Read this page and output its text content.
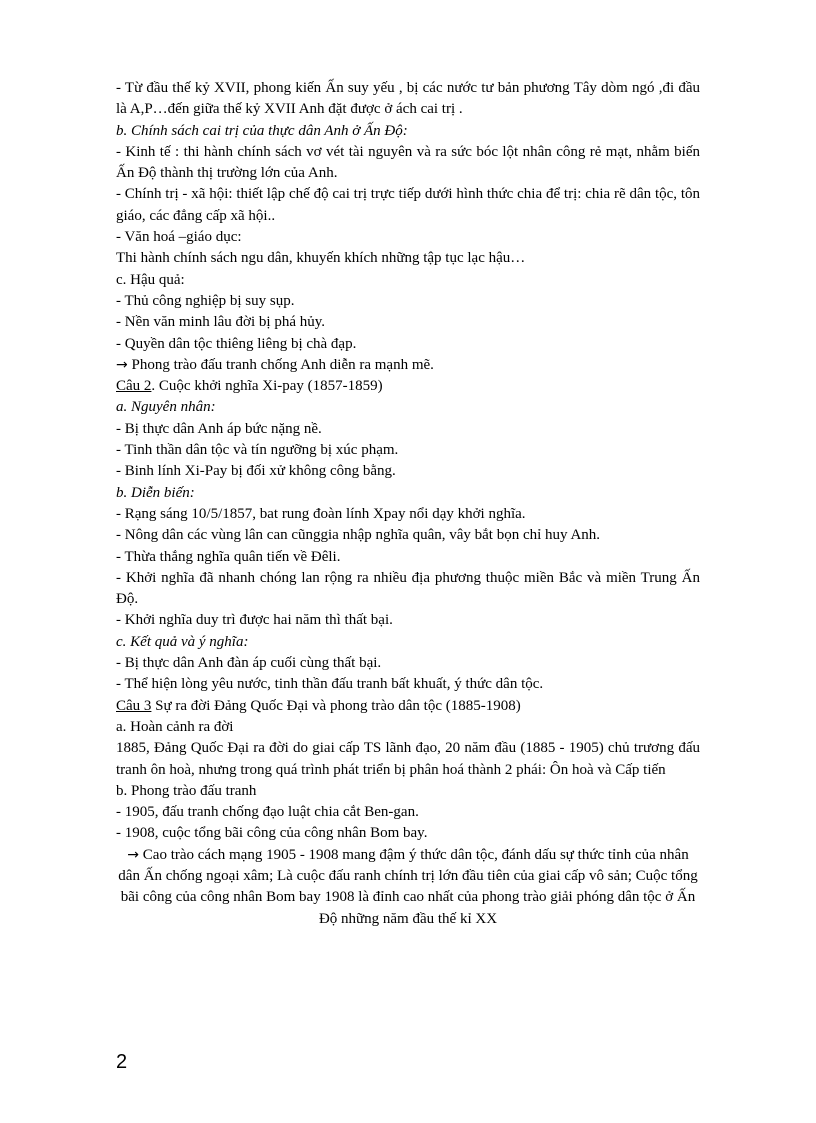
- Từ đầu thế kỷ XVII, phong kiến Ấn suy yếu , bị các nước tư bản phương Tây dòm ngó ,đi đầu là A,P…đến giữa thế kỷ XVII Anh đặt được ở ách cai trị .

b. Chính sách cai trị của thực dân Anh ở Ấn Độ:

- Kinh tế : thi hành chính sách vơ vét tài nguyên và ra sức bóc lột nhân công rẻ mạt, nhằm biến Ấn Độ thành thị trường lớn của Anh.

- Chính trị - xã hội: thiết lập chế độ cai trị trực tiếp dưới hình thức chia để trị: chia rẽ dân tộc, tôn giáo, các đẳng cấp xã hội..

- Văn hoá –giáo dục:

Thi hành chính sách ngu dân, khuyến khích những tập tục lạc hậu…

c. Hậu quả:

- Thủ công nghiệp bị suy sụp.

- Nền văn minh lâu đời bị phá hủy.

- Quyền dân tộc thiêng liêng bị chà đạp.

→ Phong trào đấu tranh chống Anh diễn ra mạnh mẽ.

Câu 2. Cuộc khởi nghĩa Xi-pay (1857-1859)

a. Nguyên nhân:

- Bị thực dân Anh áp bức nặng nề.

- Tinh thần dân tộc và tín ngưỡng bị xúc phạm.

- Binh lính Xi-Pay bị đối xử không công bằng.

b. Diễn biến:

- Rạng sáng 10/5/1857, bat rung đoàn lính Xpay nổi dạy khởi nghĩa.

- Nông dân các vùng lân can cũnggia nhập nghĩa quân, vây bắt bọn chỉ huy Anh.

- Thừa thắng nghĩa quân tiến về Đêli.

- Khởi nghĩa đã nhanh chóng lan rộng ra nhiều địa phương thuộc miền Bắc và miền Trung Ấn Độ.

- Khởi nghĩa duy trì được hai năm thì thất bại.

c. Kết quả và ý nghĩa:

- Bị thực dân Anh đàn áp cuối cùng thất bại.

- Thể hiện lòng yêu nước, tinh thần đấu tranh bất khuất, ý thức dân tộc.

Câu 3 Sự ra đời Đảng Quốc Đại và phong trào dân tộc (1885-1908)

a. Hoàn cảnh ra đời

1885, Đảng Quốc Đại ra đời do giai cấp TS lãnh đạo, 20 năm đầu (1885 - 1905) chủ trương đấu tranh ôn hoà, nhưng trong quá trình phát triển bị phân hoá thành 2 phái: Ôn hoà và Cấp tiến

b. Phong trào đấu tranh

- 1905, đấu tranh chống đạo luật chia cắt Ben-gan.

- 1908, cuộc tổng bãi công của công nhân Bom bay.

→ Cao trào cách mạng 1905 - 1908 mang đậm ý thức dân tộc, đánh dấu sự thức tỉnh của nhân dân Ấn chống ngoại xâm; Là cuộc đấu ranh chính trị lớn đầu tiên của giai cấp vô sản; Cuộc tổng bãi công của công nhân Bom bay 1908 là đỉnh cao nhất của phong trào giải phóng dân tộc ở Ấn Độ những năm đầu thế kỉ XX

2
